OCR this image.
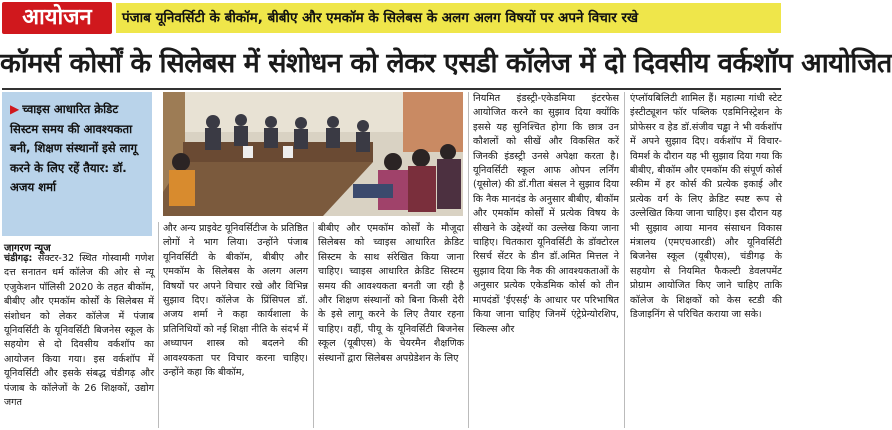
आयोजन	पंजाब यूनिवर्सिटी के बीकॉम, बीबीए और एमकॉम के सिलेबस के अलग अलग विषयों पर अपने विचार रखे
कॉमर्स कोर्सों के सिलेबस में संशोधन को लेकर एसडी कॉलेज में दो दिवसीय वर्कशॉप आयोजित
▶ च्वाइस आधारित क्रेडिट सिस्टम समय की आवश्यकता बनी, शिक्षण संस्थानों इसे लागू करने के लिए रहें तैयार: डॉ. अजय शर्मा
जागरण न्यूज

चंडीगढ़: सेक्टर-32 स्थित गोस्वामी गणेश दत्त सनातन धर्म कॉलेज की ओर से न्यू एजुकेशन पॉलिसी 2020 के तहत बीकॉम, बीबीए और एमकॉम कोर्सों के सिलेबस में संशोधन को लेकर कॉलेज में पंजाब यूनिवर्सिटी के यूनिवर्सिटी बिजनेस स्कूल के सहयोग से दो दिवसीय वर्कशॉप का आयोजन किया गया। इस वर्कशॉप में यूनिवर्सिटी और इसके संबद्ध चंडीगढ़ और पंजाब के कॉलेजों के 26 शिक्षकों, उद्योग जगत

और अन्य प्राइवेट यूनिवर्सिटीज के प्रतिष्ठित लोगों ने भाग लिया। उन्होंने पंजाब यूनिवर्सिटी के बीकॉम, बीबीए और एमकॉम के सिलेबस के अलग अलग विषयों पर अपने विचार रखे और विभिन्न सुझाव दिए। कॉलेज के प्रिंसिपल डॉ. अजय शर्मा ने कहा कार्यशाला के प्रतिनिधियों को नई शिक्षा नीति के संदर्भ में अध्यापन शास्त्र को बदलने की आवश्यकता पर विचार करना चाहिए। उन्होंने कहा कि बीकॉम,

बीबीए और एमकॉम कोर्सों के मौजूदा सिलेबस को च्वाइस आधारित क्रेडिट सिस्टम के साथ संरेखित किया जाना चाहिए। च्वाइस आधारित क्रेडिट सिस्टम समय की आवश्यकता बनती जा रही है और शिक्षण संस्थानों को बिना किसी देरी के इसे लागू करने के लिए तैयार रहना चाहिए। वहीं, पीयू के यूनिवर्सिटी बिजनेस स्कूल (यूबीएस) के चेयरमैन शैक्षणिक संस्थानों द्वारा सिलेबस अपग्रेडेशन के लिए

नियमित इंडस्ट्री-एकेडमिया इंटरफेस आयोजित करने का सुझाव दिया क्योंकि इससे यह सुनिश्चित होगा कि छात्र उन कौशलों को सीखें और विकसित करें जिनकी इंडस्ट्री उनसे अपेक्षा करता है। यूनिवर्सिटी स्कूल आफ ओपन लर्निंग (यूसोल) की डॉ.गीता बंसल ने सुझाव दिया कि नैक मानदंड के अनुसार बीबीए, बीकॉम और एमकॉम कोर्सों में प्रत्येक विषय के सीखने के उद्देश्यों का उल्लेख किया जाना चाहिए। चितकारा यूनिवर्सिटी के डॉक्टोरल रिसर्च सेंटर के डीन डॉ.अमित मित्तल ने सुझाव दिया कि नैक की आवश्यकताओं के अनुसार प्रत्येक एकेडमिक कोर्स को तीन मापदंडों 'ईएसई' के आधार पर परिभाषित किया जाना चाहिए जिनमें एंट्रेप्रेन्योरशिप, स्किल्स और

एंप्लॉयबिलिटी शामिल हैं। महात्मा गांधी स्टेट इंस्टीट्यूशन फॉर पब्लिक एडमिनिस्ट्रेशन के प्रोफेसर व हेड डॉ.संजीव चड्ढा ने भी वर्कशॉप में अपने सुझाव दिए। वर्कशॉप में विचार-विमर्श के दौरान यह भी सुझाव दिया गया कि बीबीए, बीकॉम और एमकॉम की संपूर्ण कोर्स स्कीम में हर कोर्स की प्रत्येक इकाई और प्रत्येक वर्ग के लिए क्रेडिट स्पष्ट रूप से उल्लेखित किया जाना चाहिए। इस दौरान यह भी सुझाव आया मानव संसाधन विकास मंत्रालय (एमएचआरडी) और यूनिवर्सिटी बिजनेस स्कूल (यूबीएस), चंडीगढ़ के सहयोग से नियमित फैकल्टी डेवलपमेंट प्रोग्राम आयोजित किए जाने चाहिए ताकि कॉलेज के शिक्षकों को केस स्टडी की डिजाइनिंग से परिचित कराया जा सके।
